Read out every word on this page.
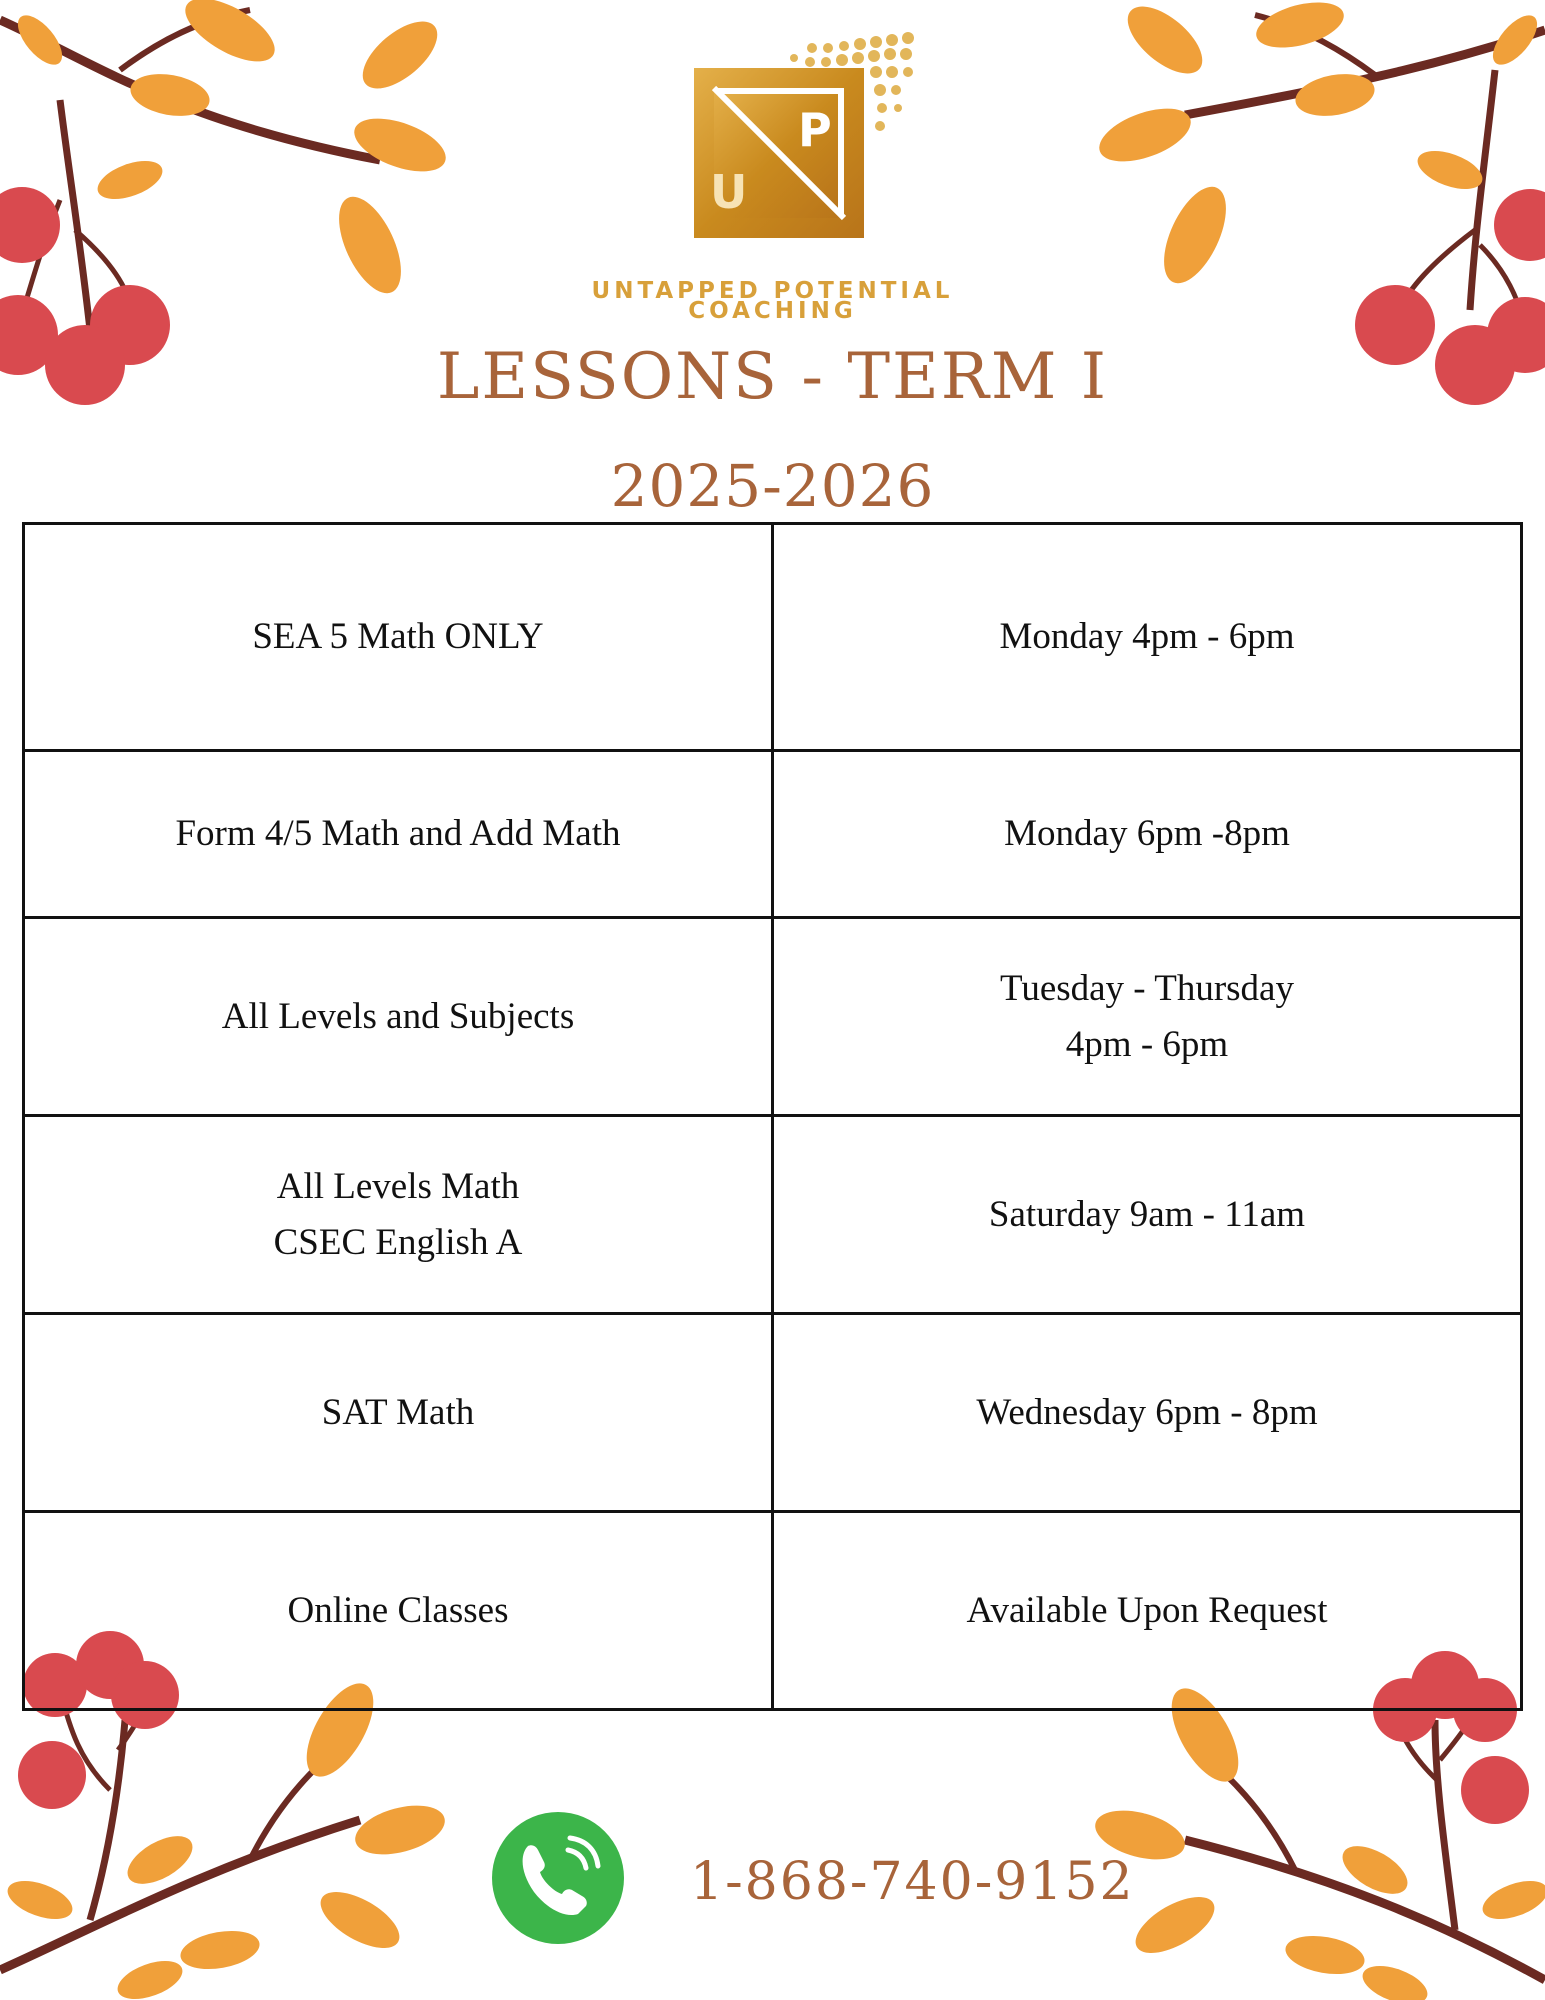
P
U
UNTAPPED POTENTIAL
COACHING
LESSONS - TERM I
2025-2026
SEA 5 Math ONLY	Monday 4pm - 6pm

Form 4/5 Math and Add Math	Monday 6pm -8pm

All Levels and Subjects	Tuesday - Thursday
4pm - 6pm

All Levels Math
CSEC English A	Saturday 9am - 11am

SAT Math	Wednesday 6pm - 8pm

Online Classes	Available Upon Request
1-868-740-9152
